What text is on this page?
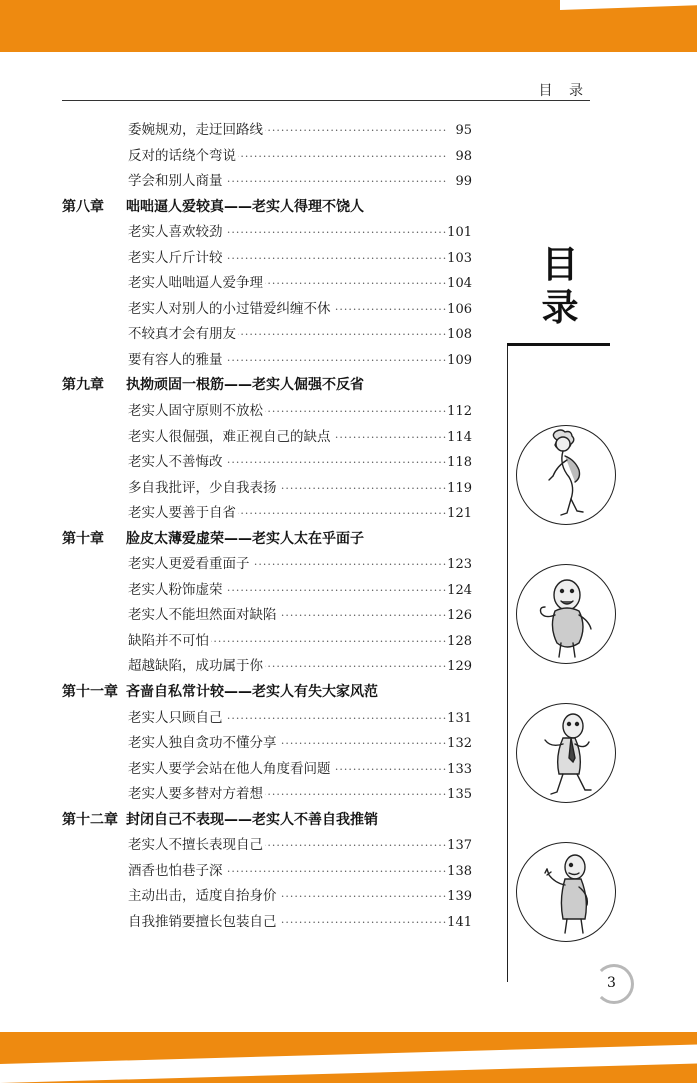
目 录
·····
委婉规劝，走迂回路线	95
·····
反对的话绕个弯说	98
·····
学会和别人商量	99
第八章 咄咄逼人爱较真——老实人得理不饶人
·····
老实人喜欢较劲	101
·····
老实人斤斤计较	103
·····
老实人咄咄逼人爱争理	104
·····
老实人对别人的小过错爱纠缠不休	106
·····
不较真才会有朋友	108
·····
要有容人的雅量	109
第九章 执拗顽固一根筋——老实人倔强不反省
·····
老实人固守原则不放松	112
·····
老实人很倔强，难正视自己的缺点	114
·····
老实人不善悔改	118
·····
多自我批评，少自我表扬	119
·····
老实人要善于自省	121
第十章 脸皮太薄爱虚荣——老实人太在乎面子
·····
老实人更爱看重面子	123
·····
老实人粉饰虚荣	124
·····
老实人不能坦然面对缺陷	126
·····
缺陷并不可怕	128
·····
超越缺陷，成功属于你	129
第十一章 吝啬自私常计较——老实人有失大家风范
·····
老实人只顾自己	131
·····
老实人独自贪功不懂分享	132
·····
老实人要学会站在他人角度看问题	133
·····
老实人要多替对方着想	135
第十二章 封闭自己不表现——老实人不善自我推销
·····
老实人不擅长表现自己	137
·····
酒香也怕巷子深	138
·····
主动出击，适度自抬身价	139
·····
自我推销要擅长包装自己	141
目录
3
